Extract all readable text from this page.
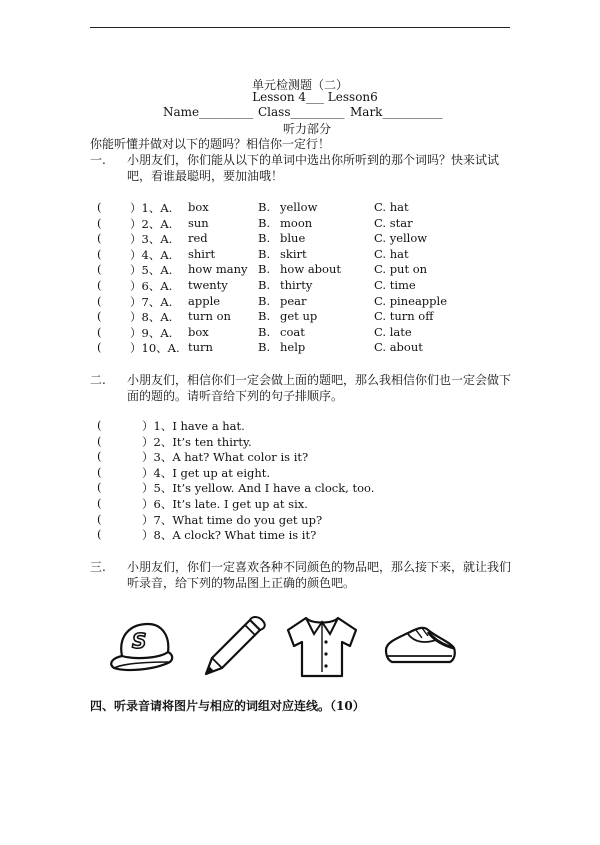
单元检测题（二）
Lesson 4___ Lesson6
Name_________ Class_________ Mark__________
听力部分
你能听懂并做对以下的题吗？相信你一定行！
一. 小朋友们，你们能从以下的单词中选出你所听到的那个词吗？快来试试
吧，看谁最聪明，要加油哦！
( ）1、A. box	B. yellow	C. hat
( ）2、A. sun	B. moon	C. star
( ）3、A. red	B. blue	C. yellow
( ）4、A. shirt	B. skirt	C. hat
( ）5、A. how many B. how about	C. put on
( ）6、A. twenty	B. thirty	C. time
( ）7、A. apple	B. pear	C. pineapple
( ）8、A. turn on B. get up	C. turn off
( ）9、A. box	B. coat	C. late
( ）10、A. turn	B. help	C. about
二. 小朋友们，相信你们一定会做上面的题吧，那么我相信你们也一定会做下
面的题的。请听音给下列的句子排顺序。
(	）1、I have a hat.
(	）2、It’s ten thirty.
(	）3、A hat? What color is it?
(	）4、I get up at eight.
(	）5、It’s yellow. And I have a clock, too.
(	）6、It’s late. I get up at six.
(	）7、What time do you get up?
(	）8、A clock? What time is it?
三. 小朋友们，你们一定喜欢各种不同颜色的物品吧，那么接下来，就让我们
听录音，给下列的物品图上正确的颜色吧。
S
四、听录音请将图片与相应的词组对应连线。（10）
